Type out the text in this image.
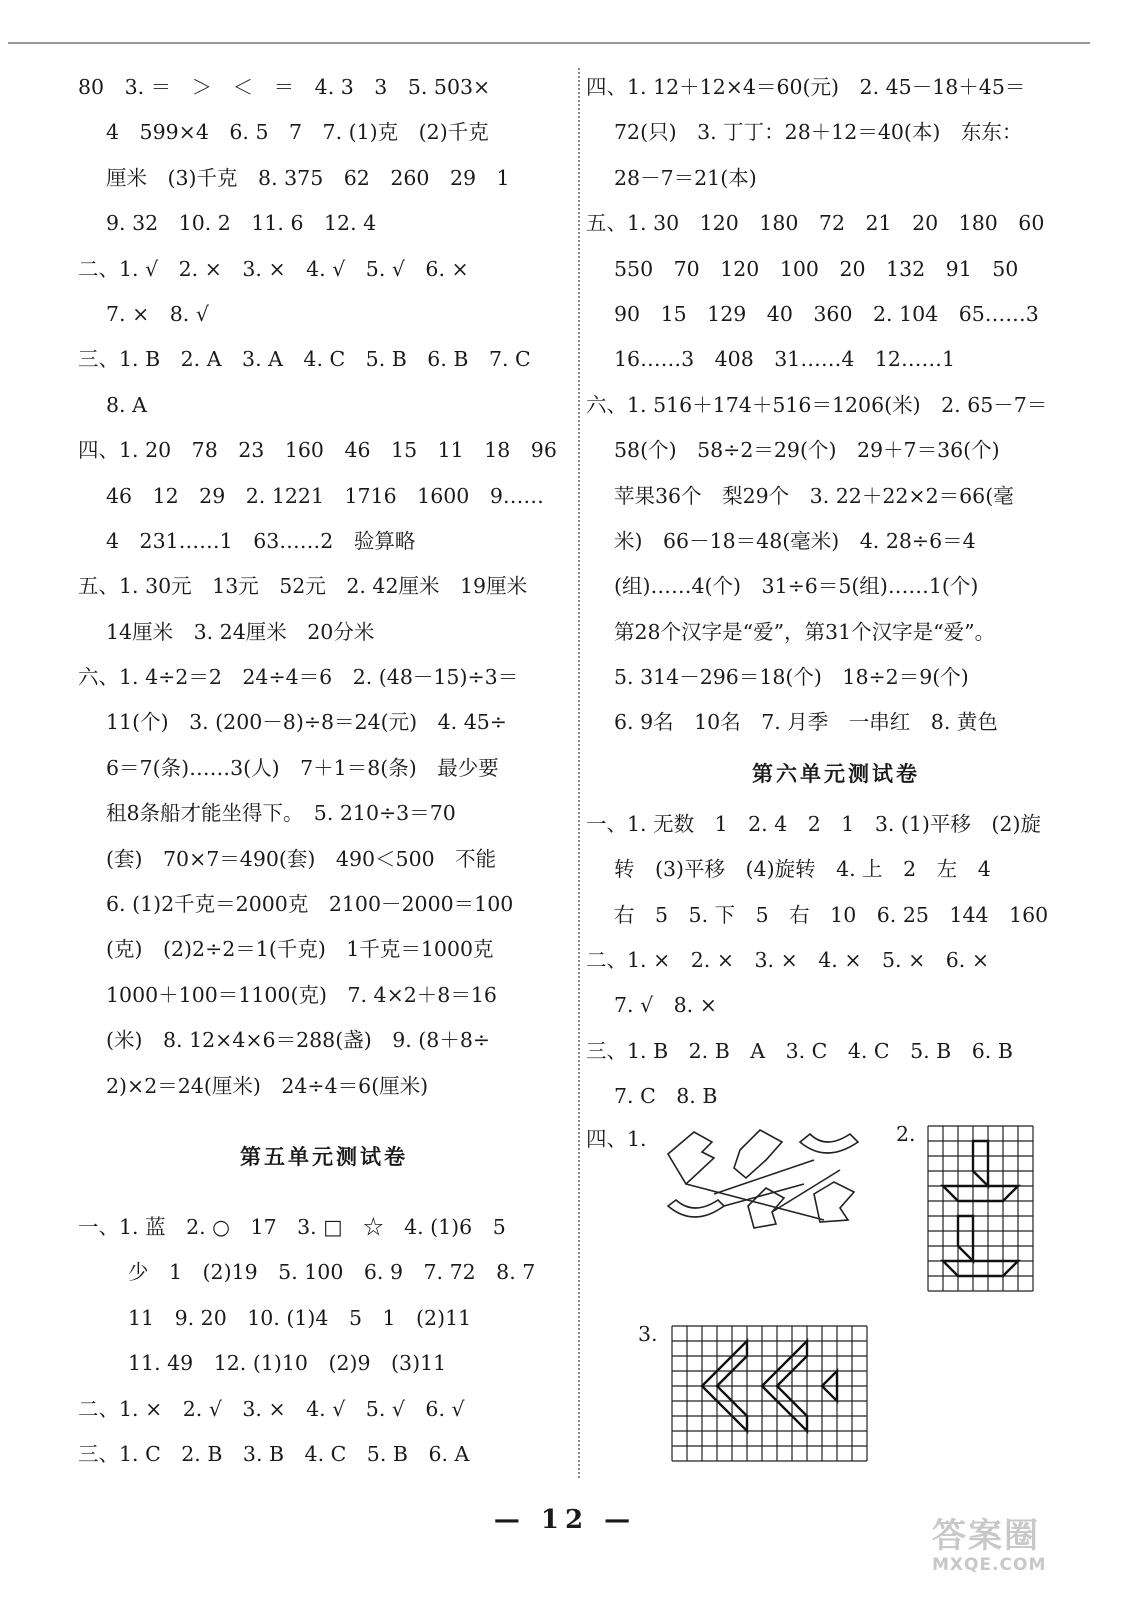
80　3. ＝　＞　＜　＝　4. 3　3　5. 503×
4　599×4　6. 5　7　7. (1)克　(2)千克
厘米　(3)千克　8. 375　62　260　29　1
9. 32　10. 2　11. 6　12. 4
二、1. √　2. ×　3. ×　4. √　5. √　6. ×
7. ×　8. √
三、1. B　2. A　3. A　4. C　5. B　6. B　7. C
8. A
四、1. 20　78　23　160　46　15　11　18　96
46　12　29　2. 1221　1716　1600　9……
4　231……1　63……2　验算略
五、1. 30元　13元　52元　2. 42厘米　19厘米
14厘米　3. 24厘米　20分米
六、1. 4÷2＝2　24÷4＝6　2. (48－15)÷3＝
11(个)　3. (200－8)÷8＝24(元)　4. 45÷
6＝7(条)……3(人)　7＋1＝8(条)　最少要
租8条船才能坐得下。　5. 210÷3＝70
(套)　70×7＝490(套)　490＜500　不能
6. (1)2千克＝2000克　2100－2000＝100
(克)　(2)2÷2＝1(千克)　1千克＝1000克
1000＋100＝1100(克)　7. 4×2＋8＝16
(米)　8. 12×4×6＝288(盏)　9. (8＋8÷
2)×2＝24(厘米)　24÷4＝6(厘米)
第五单元测试卷
一、1. 蓝　2. ○　17　3. □　☆　4. (1)6　5
少　1　(2)19　5. 100　6. 9　7. 72　8. 7
11　9. 20　10. (1)4　5　1　(2)11
11. 49　12. (1)10　(2)9　(3)11
二、1. ×　2. √　3. ×　4. √　5. √　6. √
三、1. C　2. B　3. B　4. C　5. B　6. A
四、1. 12＋12×4＝60(元)　2. 45－18＋45＝
72(只)　3. 丁丁：28＋12＝40(本)　东东：
28－7＝21(本)
五、1. 30　120　180　72　21　20　180　60
550　70　120　100　20　132　91　50
90　15　129　40　360　2. 104　65……3
16……3　408　31……4　12……1
六、1. 516＋174＋516＝1206(米)　2. 65－7＝
58(个)　58÷2＝29(个)　29＋7＝36(个)
苹果36个　梨29个　3. 22＋22×2＝66(毫
米)　66－18＝48(毫米)　4. 28÷6＝4
(组)……4(个)　31÷6＝5(组)……1(个)
第28个汉字是“爱”，第31个汉字是“爱”。
5. 314－296＝18(个)　18÷2＝9(个)
6. 9名　10名　7. 月季　一串红　8. 黄色
第六单元测试卷
一、1. 无数　1　2. 4　2　1　3. (1)平移　(2)旋
转　(3)平移　(4)旋转　4. 上　2　左　4
右　5　5. 下　5　右　10　6. 25　144　160
二、1. ×　2. ×　3. ×　4. ×　5. ×　6. ×
7. √　8. ×
三、1. B　2. B　A　3. C　4. C　5. B　6. B
7. C　8. B
四、1.	2.
3.
— 12 —	答案圈
MXQE.COM
